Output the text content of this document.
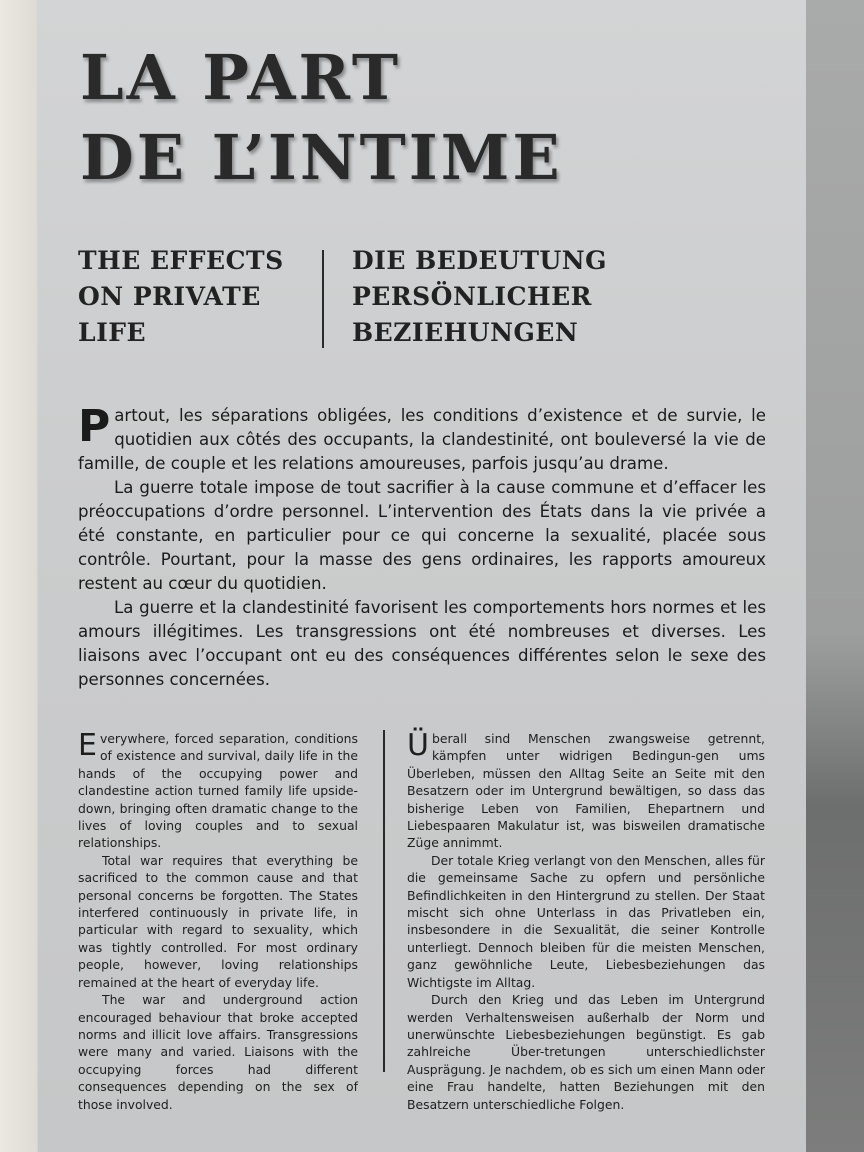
LA PART
DE L’INTIME
THE EFFECTS
ON PRIVATE
LIFE
DIE BEDEUTUNG
PERSÖNLICHER
BEZIEHUNGEN

Partout, les séparations obligées, les conditions d’existence et de survie, le quotidien aux côtés des occupants, la clandestinité, ont bouleversé la vie de famille, de couple et les relations amoureuses, parfois jusqu’au drame.

La guerre totale impose de tout sacrifier à la cause commune et d’effacer les préoccupations d’ordre personnel. L’intervention des États dans la vie privée a été constante, en particulier pour ce qui concerne la sexualité, placée sous contrôle. Pourtant, pour la masse des gens ordinaires, les rapports amoureux restent au cœur du quotidien.

La guerre et la clandestinité favorisent les comportements hors normes et les amours illégitimes. Les transgressions ont été nombreuses et diverses. Les liaisons avec l’occupant ont eu des conséquences différentes selon le sexe des personnes concernées.

Everywhere, forced separation, conditions of existence and survival, daily life in the hands of the occupying power and clandestine action turned family life upside-down, bringing often dramatic change to the lives of loving couples and to sexual relationships.

Total war requires that everything be sacrificed to the common cause and that personal concerns be forgotten. The States interfered continuously in private life, in particular with regard to sexuality, which was tightly controlled. For most ordinary people, however, loving relationships remained at the heart of everyday life.

The war and underground action encouraged behaviour that broke accepted norms and illicit love affairs. Transgressions were many and varied. Liaisons with the occupying forces had different consequences depending on the sex of those involved.

Überall sind Menschen zwangsweise getrennt, kämpfen unter widrigen Bedingun-gen ums Überleben, müssen den Alltag Seite an Seite mit den Besatzern oder im Untergrund bewältigen, so dass das bisherige Leben von Familien, Ehepartnern und Liebespaaren Makulatur ist, was bisweilen dramatische Züge annimmt.

Der totale Krieg verlangt von den Menschen, alles für die gemeinsame Sache zu opfern und persönliche Befindlichkeiten in den Hintergrund zu stellen. Der Staat mischt sich ohne Unterlass in das Privatleben ein, insbesondere in die Sexualität, die seiner Kontrolle unterliegt. Dennoch bleiben für die meisten Menschen, ganz gewöhnliche Leute, Liebesbeziehungen das Wichtigste im Alltag.

Durch den Krieg und das Leben im Untergrund werden Verhaltensweisen außerhalb der Norm und unerwünschte Liebesbeziehungen begünstigt. Es gab zahlreiche Über-tretungen unterschiedlichster Ausprägung. Je nachdem, ob es sich um einen Mann oder eine Frau handelte, hatten Beziehungen mit den Besatzern unterschiedliche Folgen.
